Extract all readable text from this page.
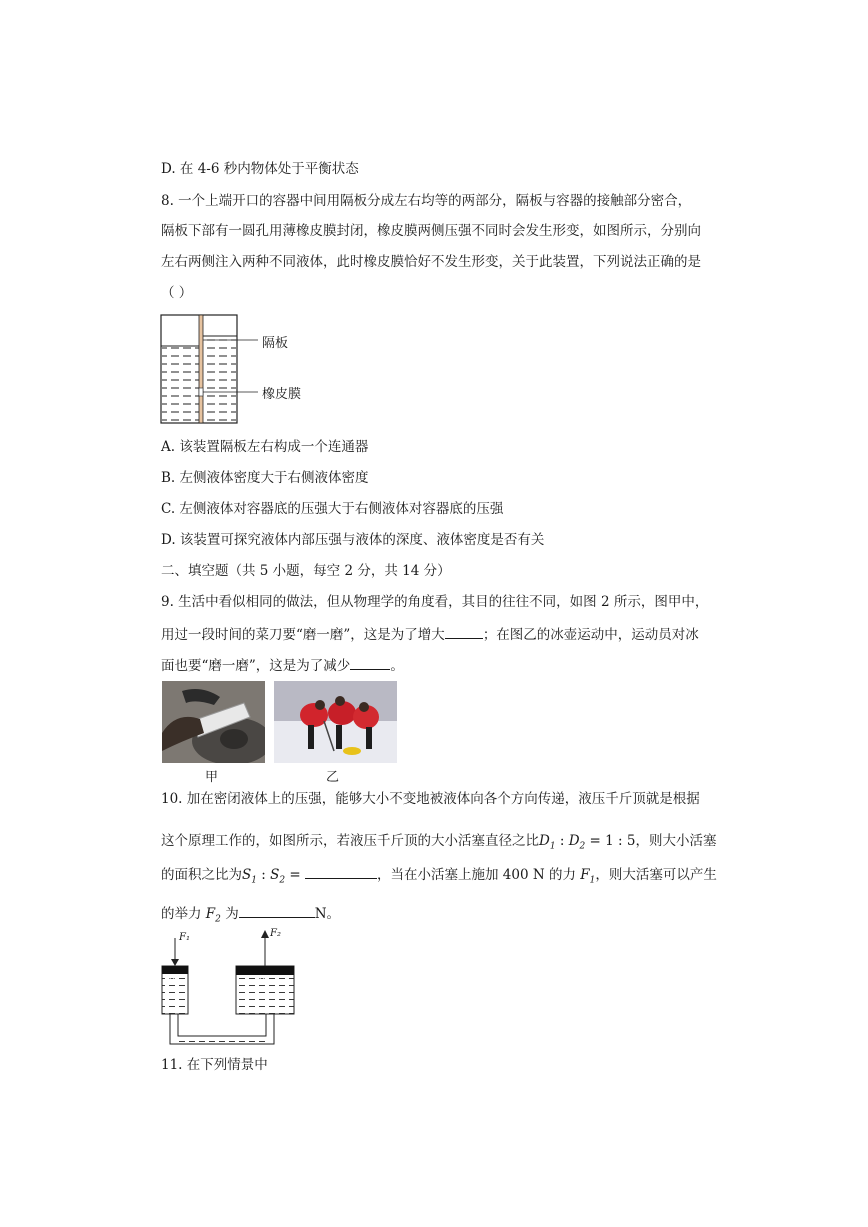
D. 在 4-6 秒内物体处于平衡状态
8. 一个上端开口的容器中间用隔板分成左右均等的两部分，隔板与容器的接触部分密合，
隔板下部有一圆孔用薄橡皮膜封闭，橡皮膜两侧压强不同时会发生形变，如图所示，分别向
左右两侧注入两种不同液体，此时橡皮膜恰好不发生形变，关于此装置，下列说法正确的是
（ ）
隔板
橡皮膜
A. 该装置隔板左右构成一个连通器
B. 左侧液体密度大于右侧液体密度
C. 左侧液体对容器底的压强大于右侧液体对容器底的压强
D. 该装置可探究液体内部压强与液体的深度、液体密度是否有关
二、填空题（共 5 小题，每空 2 分，共 14 分）
9. 生活中看似相同的做法，但从物理学的角度看，其目的往往不同，如图 2 所示，图甲中，
用过一段时间的菜刀要“磨一磨”，这是为了增大	；在图乙的冰壶运动中，运动员对冰
面也要“磨一磨”，这是为了减少	。
甲	乙
10. 加在密闭液体上的压强，能够大小不变地被液体向各个方向传递，液压千斤顶就是根据
这个原理工作的，如图所示，若液压千斤顶的大小活塞直径之比$D_1$ : $D_2 = 1$ : 5，则大小活塞
的面积之比为$S_1$ : $S_2$ =	，当在小活塞上施加 400 N 的力 $F_1$，则大活塞可以产生
的举力 $F_2$ 为	N。
F₁	F₂
S₁	S₂
11. 在下列情景中
